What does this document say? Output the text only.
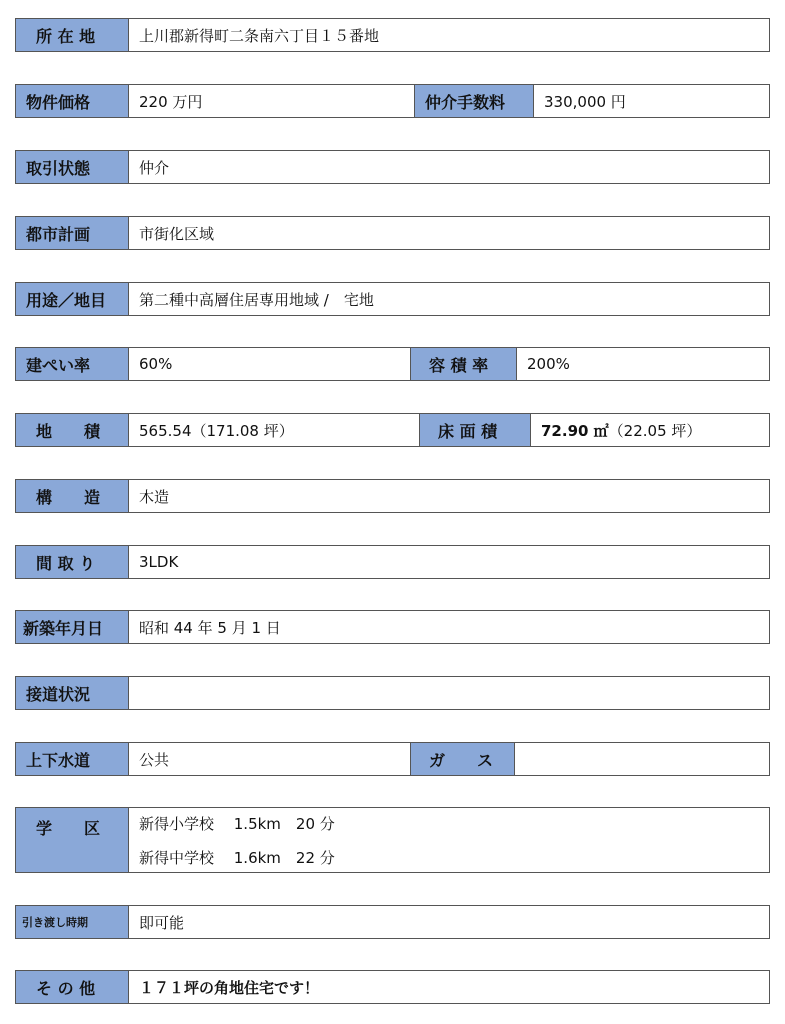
所 在 地	上川郡新得町二条南六丁目１５番地
物件価格	220 万円	仲介手数料	330,000 円
取引状態	仲介
都市計画	市街化区域
用途／地目	第二種中高層住居専用地域 /　宅地
建ぺい率	60%	容 積 率	200%
地　　積	565.54（171.08 坪）	床 面 積	72.90 ㎡ （22.05 坪）
構　　造	木造
間 取 り	3LDK
新築年月日	昭和 44 年 5 月 1 日
接道状況
上下水道	公共	ガ　　ス
学　　区	新得小学校　 1.5km　20 分
新得中学校　 1.6km　22 分
引き渡し時期	即可能
そ の 他	１７１坪の角地住宅です！
